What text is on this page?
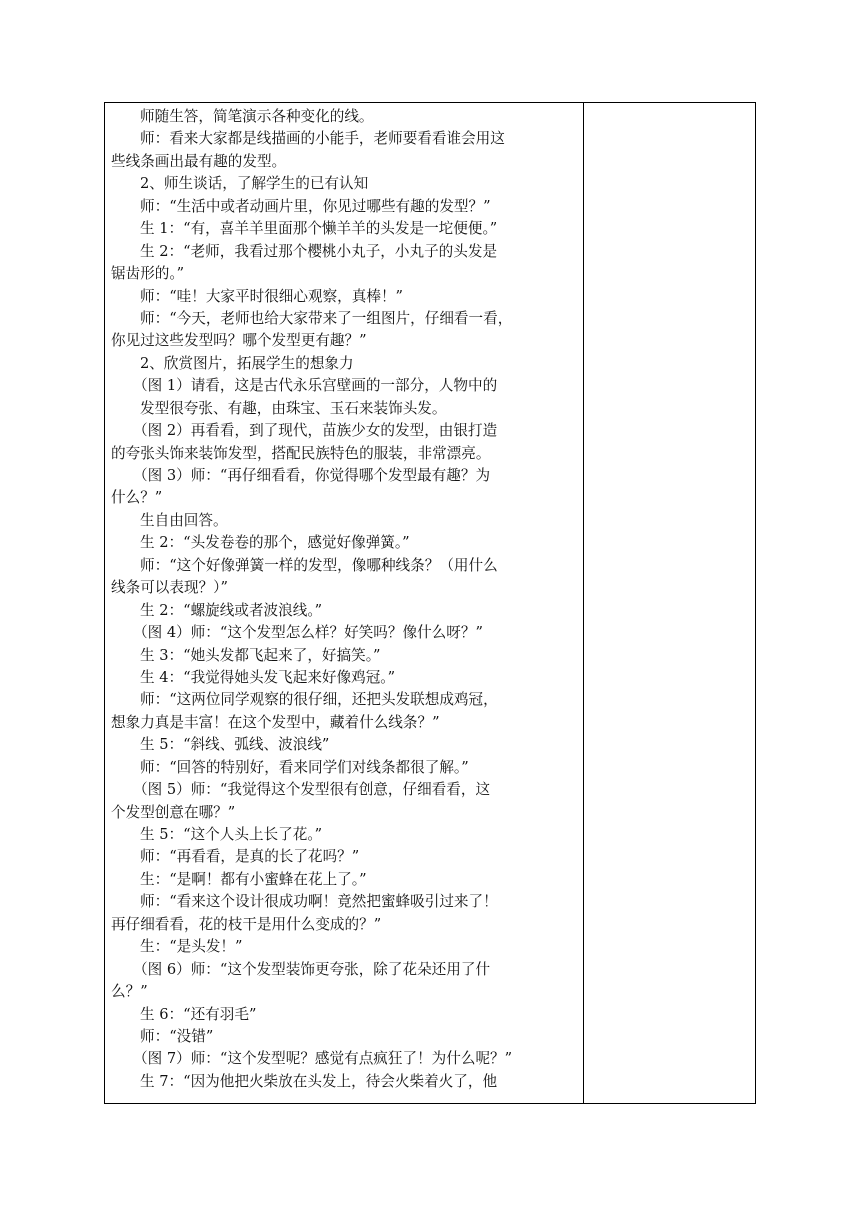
师随生答，简笔演示各种变化的线。
师：看来大家都是线描画的小能手，老师要看看谁会用这
些线条画出最有趣的发型。
2、师生谈话，了解学生的已有认知
师：“生活中或者动画片里，你见过哪些有趣的发型？”
生 1：“有，喜羊羊里面那个懒羊羊的头发是一坨便便。”
生 2：“老师，我看过那个樱桃小丸子，小丸子的头发是
锯齿形的。”
师：“哇！大家平时很细心观察，真棒！”
师：“今天，老师也给大家带来了一组图片，仔细看一看，
你见过这些发型吗？哪个发型更有趣？”
2、欣赏图片，拓展学生的想象力
（图 1）请看，这是古代永乐宫壁画的一部分，人物中的
发型很夸张、有趣，由珠宝、玉石来装饰头发。
（图 2）再看看，到了现代，苗族少女的发型，由银打造
的夸张头饰来装饰发型，搭配民族特色的服装，非常漂亮。
（图 3）师：“再仔细看看，你觉得哪个发型最有趣？为
什么？”
生自由回答。
生 2：“头发卷卷的那个，感觉好像弹簧。”
师：“这个好像弹簧一样的发型，像哪种线条？（用什么
线条可以表现？）”
生 2：“螺旋线或者波浪线。”
（图 4）师：“这个发型怎么样？好笑吗？像什么呀？”
生 3：“她头发都飞起来了，好搞笑。”
生 4：“我觉得她头发飞起来好像鸡冠。”
师：“这两位同学观察的很仔细，还把头发联想成鸡冠，
想象力真是丰富！在这个发型中，藏着什么线条？”
生 5：“斜线、弧线、波浪线”
师：“回答的特别好，看来同学们对线条都很了解。”
（图 5）师：“我觉得这个发型很有创意，仔细看看，这
个发型创意在哪？”
生 5：“这个人头上长了花。”
师：“再看看，是真的长了花吗？”
生：“是啊！都有小蜜蜂在花上了。”
师：“看来这个设计很成功啊！竟然把蜜蜂吸引过来了！
再仔细看看，花的枝干是用什么变成的？”
生：“是头发！”
（图 6）师：“这个发型装饰更夸张，除了花朵还用了什
么？”
生 6：“还有羽毛”
师：“没错”
（图 7）师：“这个发型呢？感觉有点疯狂了！为什么呢？”
生 7：“因为他把火柴放在头发上，待会火柴着火了，他
